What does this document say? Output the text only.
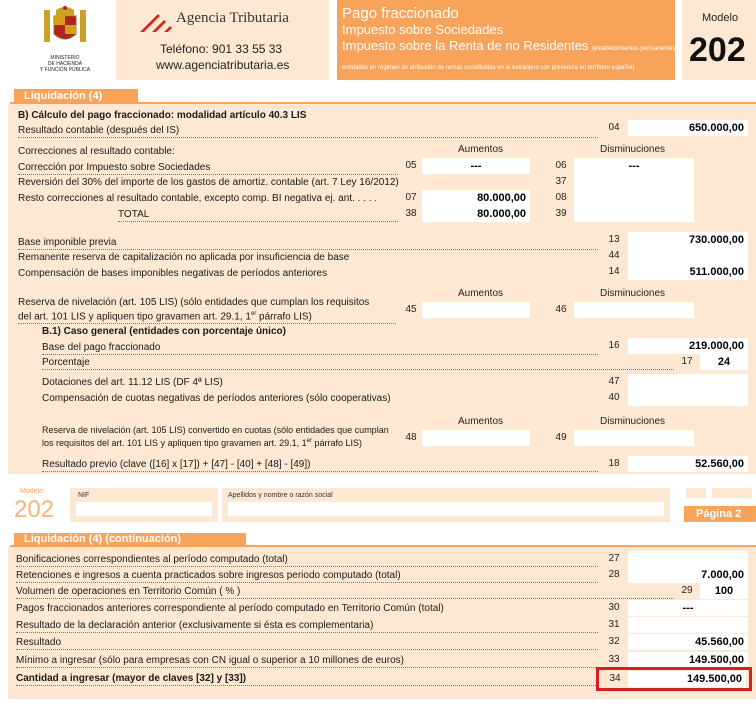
MINISTERIO
DE HACIENDA
Y FUNCIÓN PÚBLICA
Agencia Tributaria
Teléfono: 901 33 55 33
www.agenciatributaria.es
Pago fraccionado
Impuesto sobre Sociedades
Impuesto sobre la Renta de no Residentes (establecimientos permanentes y
entidades en régimen de atribución de rentas constituidas en el extranjero con presencia en territorio español)
Modelo
202
Liquidación (4)
B) Cálculo del pago fraccionado: modalidad artículo 40.3 LIS
Resultado contable (después del IS)	04	650.000,00
Aumentos	Disminuciones
Correcciones al resultado contable:
Corrección por Impuesto sobre Sociedades	05	---	06	---
Reversión del 30% del importe de los gastos de amortiz. contable (art. 7 Ley 16/2012)	37
Resto correcciones al resultado contable, excepto comp. BI negativa ej. ant. . . . .	07	80.000,00	08
TOTAL	38	80.000,00	39
Base imponible previa	13	730.000,00
Remanente reserva de capitalización no aplicada por insuficiencia de base	44
Compensación de bases imponibles negativas de períodos anteriores	14	511.000,00
Aumentos	Disminuciones
Reserva de nivelación (art. 105 LIS) (sólo entidades que cumplan los requisitos
del art. 101 LIS y apliquen tipo gravamen art. 29.1, 1er párrafo LIS)
45	46
B.1) Caso general (entidades con porcentaje único)
Base del pago fraccionado	16	219.000,00
Porcentaje	17	24
Dotaciones del art. 11.12 LIS (DF 4ª LIS)	47
Compensación de cuotas negativas de períodos anteriores (sólo cooperativas)	40
Aumentos	Disminuciones
Reserva de nivelación (art. 105 LIS) convertido en cuotas (sólo entidades que cumplan
los requisitos del art. 101 LIS y apliquen tipo gravamen art. 29.1, 1er párrafo LIS)	48	49
Resultado previo (clave ([16] x [17]) + [47] - [40] + [48] - [49])	18	52.560,00
Modelo
202
NIF	Apellidos y nombre o razón social
Página 2
Liquidación (4) (continuación)
Bonificaciones correspondientes al período computado (total)	27
Retenciones e ingresos a cuenta practicados sobre ingresos periodo computado (total)	28	7.000,00
Volumen de operaciones en Territorio Común ( % )	29	100
Pagos fraccionados anteriores correspondiente al período computado en Territorio Común (total)	30	---
Resultado de la declaración anterior (exclusivamente si ésta es complementaria)	31
Resultado	32	45.560,00
Mínimo a ingresar (sólo para empresas con CN igual o superior a 10 millones de euros)	33	149.500,00
Cantidad a ingresar (mayor de claves [32] y [33])	34	149.500,00
